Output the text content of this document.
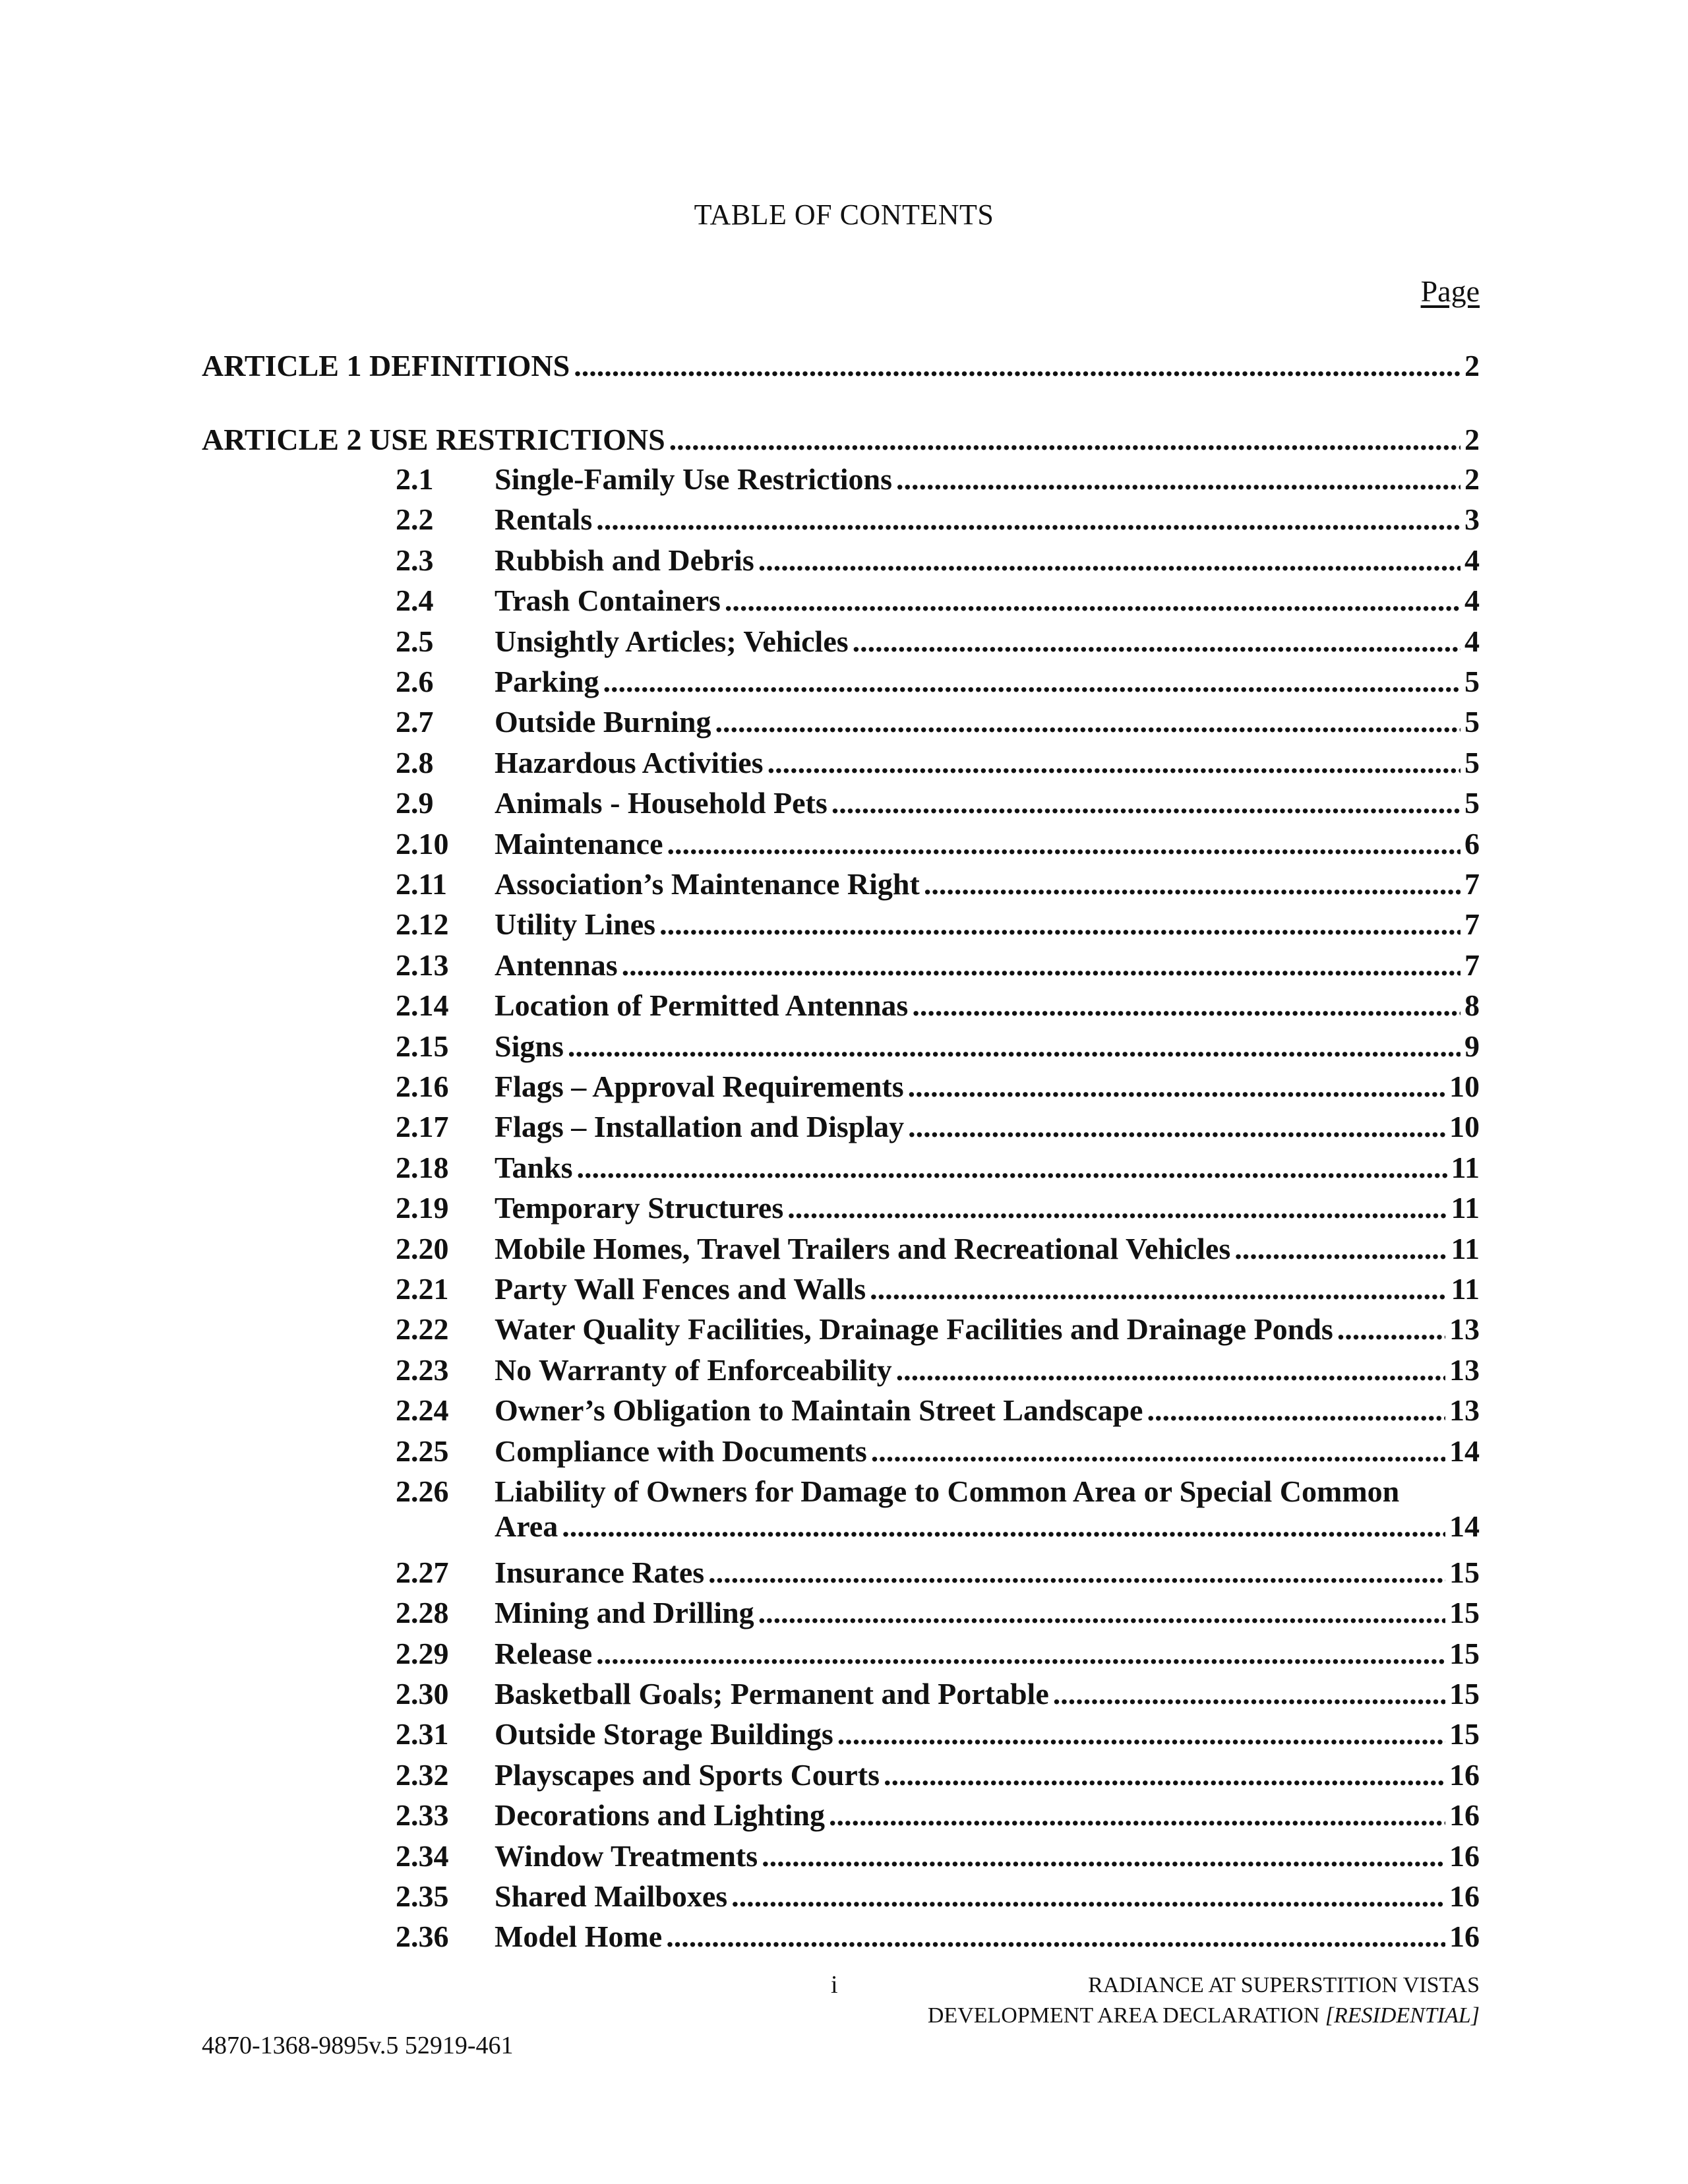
TABLE OF CONTENTS
Page
ARTICLE 1 DEFINITIONS .....	2
ARTICLE 2 USE RESTRICTIONS .....	2
2.1	Single-Family Use Restrictions .....	2
2.2	Rentals .....	3
2.3	Rubbish and Debris .....	4
2.4	Trash Containers .....	4
2.5	Unsightly Articles; Vehicles .....	4
2.6	Parking .....	5
2.7	Outside Burning .....	5
2.8	Hazardous Activities .....	5
2.9	Animals - Household Pets .....	5
2.10	Maintenance .....	6
2.11	Association’s Maintenance Right .....	7
2.12	Utility Lines .....	7
2.13	Antennas .....	7
2.14	Location of Permitted Antennas .....	8
2.15	Signs .....	9
2.16	Flags – Approval Requirements .....	10
2.17	Flags – Installation and Display .....	10
2.18	Tanks .....	11
2.19	Temporary Structures .....	11
2.20	Mobile Homes, Travel Trailers and Recreational Vehicles .....	11
2.21	Party Wall Fences and Walls .....	11
2.22	Water Quality Facilities, Drainage Facilities and Drainage Ponds .....	13
2.23	No Warranty of Enforceability .....	13
2.24	Owner’s Obligation to Maintain Street Landscape .....	13
2.25	Compliance with Documents .....	14
2.26	Liability of Owners for Damage to Common Area or Special Common
Area .....	14
2.27	Insurance Rates .....	15
2.28	Mining and Drilling .....	15
2.29	Release .....	15
2.30	Basketball Goals; Permanent and Portable .....	15
2.31	Outside Storage Buildings .....	15
2.32	Playscapes and Sports Courts .....	16
2.33	Decorations and Lighting .....	16
2.34	Window Treatments .....	16
2.35	Shared Mailboxes .....	16
2.36	Model Home .....	16
i	RADIANCE AT SUPERSTITION VISTAS
DEVELOPMENT AREA DECLARATION [RESIDENTIAL]
4870-1368-9895v.5 52919-461
